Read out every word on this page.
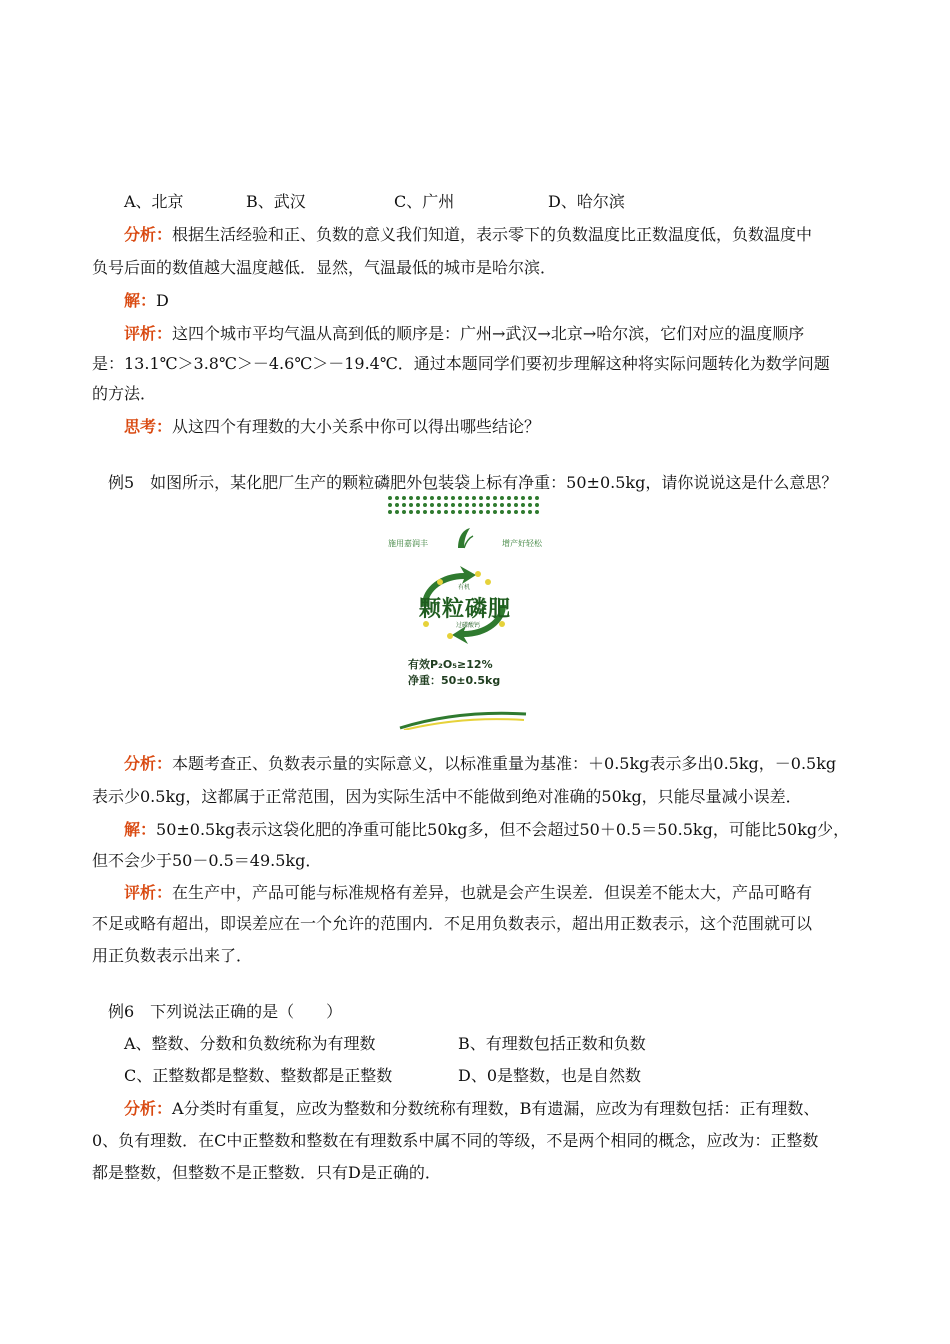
A、北京	B、武汉	C、广州	D、哈尔滨
分析：根据生活经验和正、负数的意义我们知道，表示零下的负数温度比正数温度低，负数温度中
负号后面的数值越大温度越低．显然，气温最低的城市是哈尔滨．
解：D
评析：这四个城市平均气温从高到低的顺序是：广州→武汉→北京→哈尔滨，它们对应的温度顺序
是：13.1℃＞3.8℃＞－4.6℃＞－19.4℃．通过本题同学们要初步理解这种将实际问题转化为数学问题
的方法．
思考：从这四个有理数的大小关系中你可以得出哪些结论？
例5　如图所示，某化肥厂生产的颗粒磷肥外包装袋上标有净重：50±0.5kg，请你说说这是什么意思？
施用嘉润丰	增产好轻松
有机
颗粒磷肥
过磷酸钙
有效P₂O₅≥12%
净重：50±0.5kg
分析：本题考查正、负数表示量的实际意义，以标准重量为基准：＋0.5kg表示多出0.5kg，－0.5kg
表示少0.5kg，这都属于正常范围，因为实际生活中不能做到绝对准确的50kg，只能尽量减小误差．
解：50±0.5kg表示这袋化肥的净重可能比50kg多，但不会超过50＋0.5＝50.5kg，可能比50kg少，
但不会少于50－0.5＝49.5kg．
评析：在生产中，产品可能与标准规格有差异，也就是会产生误差．但误差不能太大，产品可略有
不足或略有超出，即误差应在一个允许的范围内．不足用负数表示，超出用正数表示，这个范围就可以
用正负数表示出来了．
例6　下列说法正确的是（　　）
A、整数、分数和负数统称为有理数	B、有理数包括正数和负数
C、正整数都是整数、整数都是正整数	D、0是整数，也是自然数
分析：A分类时有重复，应改为整数和分数统称有理数，B有遗漏，应改为有理数包括：正有理数、
0、负有理数．在C中正整数和整数在有理数系中属不同的等级，不是两个相同的概念，应改为：正整数
都是整数，但整数不是正整数．只有D是正确的．
